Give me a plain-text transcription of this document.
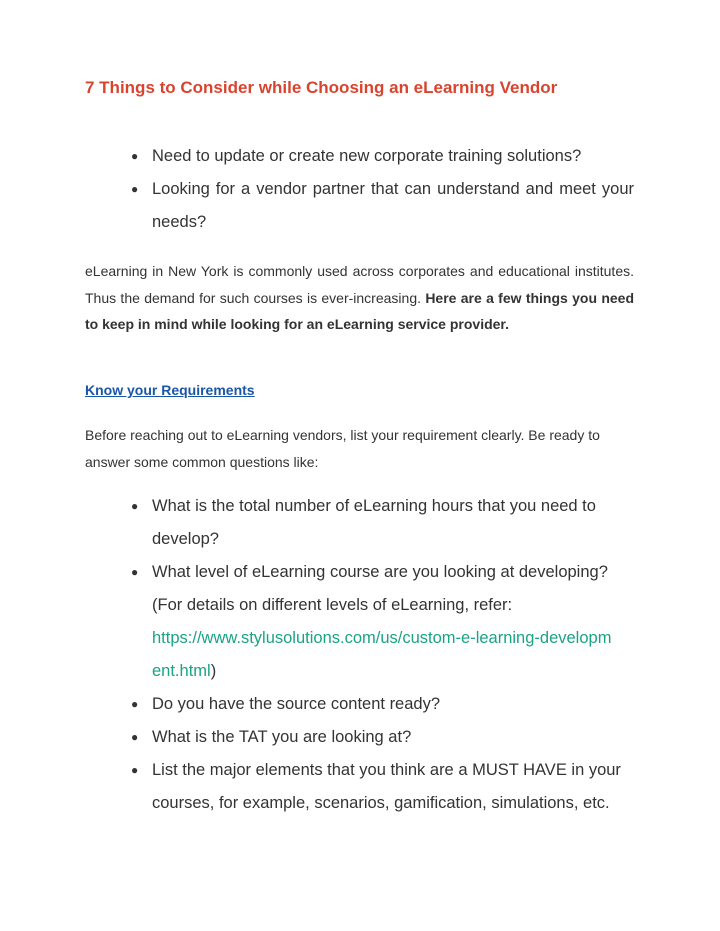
7 Things to Consider while Choosing an eLearning Vendor
● Need to update or create new corporate training solutions?
● Looking for a vendor partner that can understand and meet your needs?

eLearning in New York is commonly used across corporates and educational institutes. Thus the demand for such courses is ever-increasing. Here are a few things you need to keep in mind while looking for an eLearning service provider.

Know your Requirements

Before reaching out to eLearning vendors, list your requirement clearly. Be ready to answer some common questions like:

● What is the total number of eLearning hours that you need to develop?
● What level of eLearning course are you looking at developing? (For details on different levels of eLearning, refer: https://www.stylusolutions.com/us/custom-e-learning-developm ent.html)
● Do you have the source content ready?
● What is the TAT you are looking at?
● List the major elements that you think are a MUST HAVE in your courses, for example, scenarios, gamification, simulations, etc.
